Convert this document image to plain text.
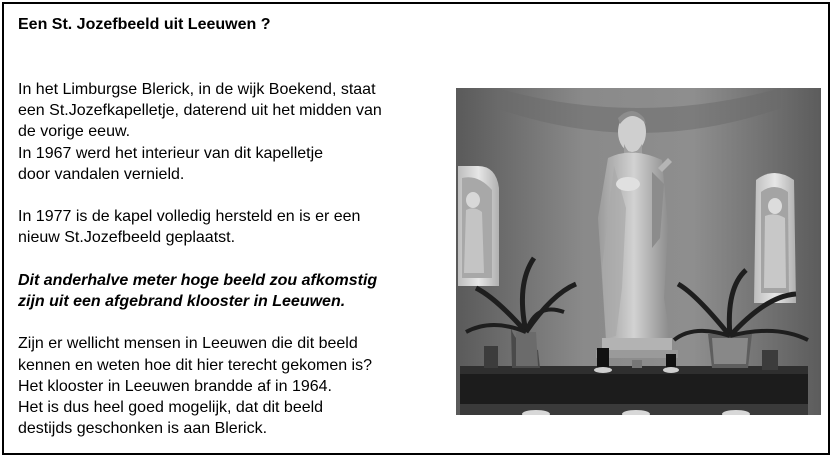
Een St. Jozefbeeld uit Leeuwen ?

In het Limburgse Blerick, in de wijk Boekend, staat
een St.Jozefkapelletje, daterend uit het midden van
de vorige eeuw.
In 1967 werd het interieur van dit kapelletje
door vandalen vernield.

In 1977 is de kapel volledig hersteld en is er een
nieuw St.Jozefbeeld geplaatst.

Dit anderhalve meter hoge beeld zou afkomstig
zijn uit een afgebrand klooster in Leeuwen.

Zijn er wellicht mensen in Leeuwen die dit beeld
kennen en weten hoe dit hier terecht gekomen is?
Het klooster in Leeuwen brandde af in 1964.
Het is dus heel goed mogelijk, dat dit beeld
destijds geschonken is aan Blerick.
